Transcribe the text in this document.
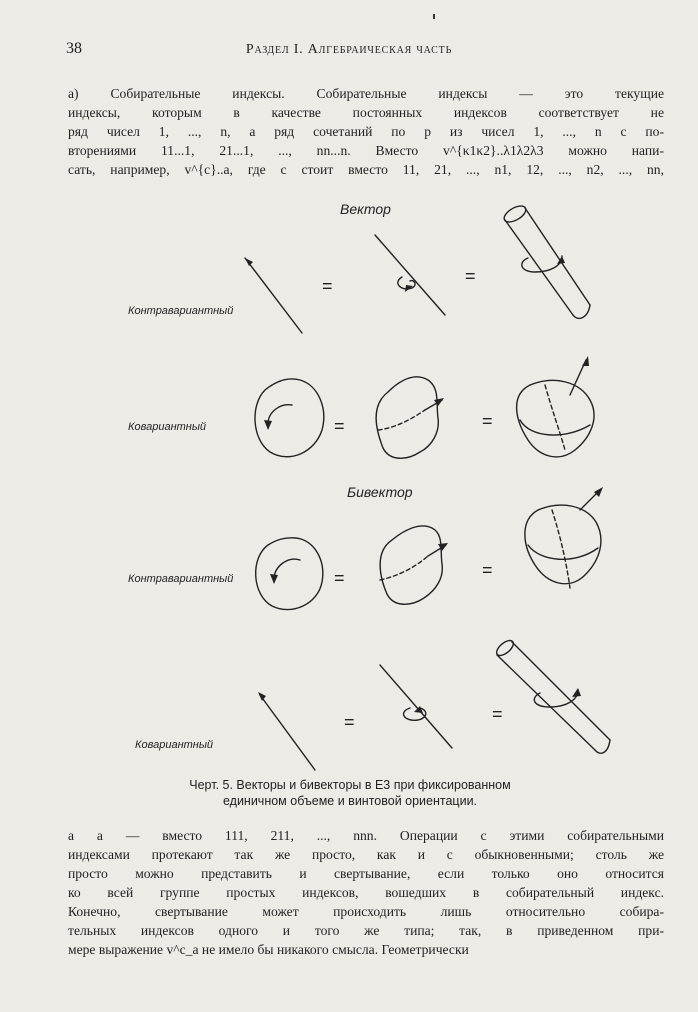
38	Раздел I. Алгебраическая часть
а) Собирательные индексы. Собирательные индексы — это текущие
индексы, которым в качестве постоянных индексов соответствует не
ряд чисел 1, ..., n, а ряд сочетаний по p из чисел 1, ..., n с по-
вторениями 11...1, 21...1, ..., nn...n. Вместо v^{κ1κ2}..λ1λ2λ3 можно напи-
сать, например, v^{c}..a, где c стоит вместо 11, 21, ..., n1, 12, ..., n2, ..., nn,
Вектор
Бивектор
Контравариантный
Ковариантный
Контравариантный
Ковариантный
=	=
=	=
=	=
=	=
Черт. 5. Векторы и бивекторы в E3 при фиксированном
единичном объеме и винтовой ориентации.
а a — вместо 111, 211, ..., nnn. Операции с этими собирательными
индексами протекают так же просто, как и с обыкновенными; столь же
просто можно представить и свертывание, если только оно относится
ко всей группе простых индексов, вошедших в собирательный индекс.
Конечно, свертывание может происходить лишь относительно собира-
тельных индексов одного и того же типа; так, в приведенном при-
мере выражение v^c_a не имело бы никакого смысла. Геометрически
